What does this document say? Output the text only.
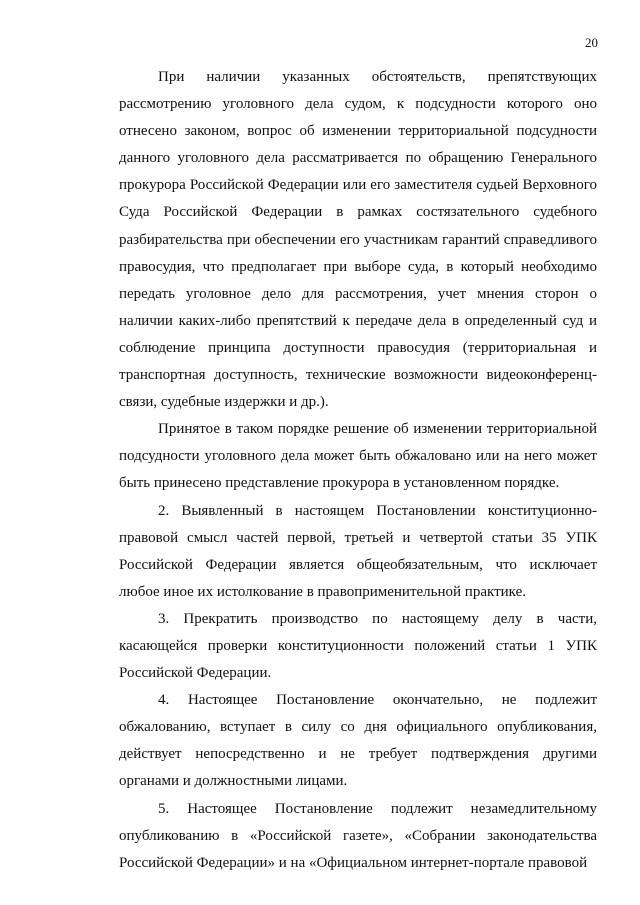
20

При наличии указанных обстоятельств, препятствующих рассмотрению уголовного дела судом, к подсудности которого оно отнесено законом, вопрос об изменении территориальной подсудности данного уголовного дела рассматривается по обращению Генерального прокурора Российской Федерации или его заместителя судьей Верховного Суда Российской Федерации в рамках состязательного судебного разбирательства при обеспечении его участникам гарантий справедливого правосудия, что предполагает при выборе суда, в который необходимо передать уголовное дело для рассмотрения, учет мнения сторон о наличии каких-либо препятствий к передаче дела в определенный суд и соблюдение принципа доступности правосудия (территориальная и транспортная доступность, технические возможности видеоконференц-связи, судебные издержки и др.).

Принятое в таком порядке решение об изменении территориальной подсудности уголовного дела может быть обжаловано или на него может быть принесено представление прокурора в установленном порядке.

2. Выявленный в настоящем Постановлении конституционно-правовой смысл частей первой, третьей и четвертой статьи 35 УПК Российской Федерации является общеобязательным, что исключает любое иное их истолкование в правоприменительной практике.

3. Прекратить производство по настоящему делу в части, касающейся проверки конституционности положений статьи 1 УПК Российской Федерации.

4. Настоящее Постановление окончательно, не подлежит обжалованию, вступает в силу со дня официального опубликования, действует непосредственно и не требует подтверждения другими органами и должностными лицами.

5. Настоящее Постановление подлежит незамедлительному опубликованию в «Российской газете», «Собрании законодательства Российской Федерации» и на «Официальном интернет-портале правовой
